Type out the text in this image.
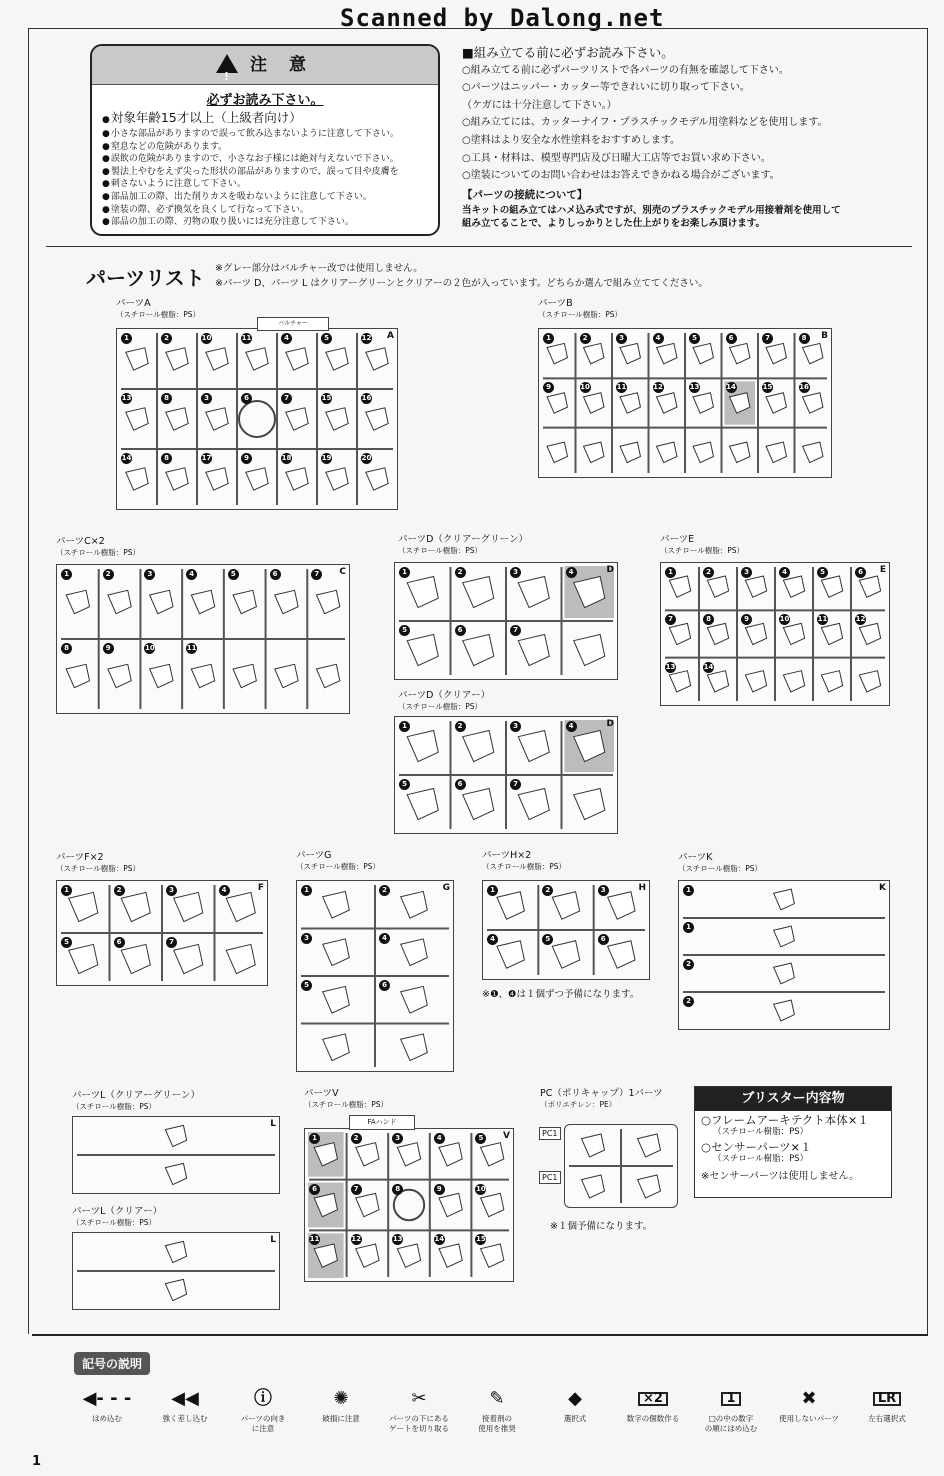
Scanned by Dalong.net
!注 意
必ずお読み下さい。
● 対象年齢15才以上（上級者向け）
● 小さな部品がありますので誤って飲み込まないように注意して下さい。
● 窒息などの危険があります。
● 誤飲の危険がありますので、小さなお子様には絶対与えないで下さい。
● 製法上やむをえず尖った形状の部品がありますので、誤って目や皮膚を
● 刺さないように注意して下さい。
● 部品加工の際、出た削りカスを吸わないように注意して下さい。
● 塗装の際、必ず換気を良くして行なって下さい。
● 部品の加工の際、刃物の取り扱いには充分注意して下さい。
■組み立てる前に必ずお読み下さい。
○組み立てる前に必ずパーツリストで各パーツの有無を確認して下さい。
○パーツはニッパー・カッター等できれいに切り取って下さい。
（ケガには十分注意して下さい。）
○組み立てには、カッターナイフ・プラスチックモデル用塗料などを使用します。
○塗料はより安全な水性塗料をおすすめします。
○工具・材料は、模型専門店及び日曜大工店等でお買い求め下さい。
○塗装についてのお問い合わせはお答えできかねる場合がございます。
【パーツの接続について】
当キットの組み立てはハメ込み式ですが、別売のプラスチックモデル用接着剤を使用して
組み立てることで、よりしっかりとした仕上がりをお楽しみ頂けます。
パーツリスト ※グレー部分はバルチャー改では使用しません。
※パーツ D、パーツ L はクリアーグリーンとクリアーの２色が入っています。どちらか選んで組み立ててください。
パーツA
（スチロール樹脂：PS）
パーツB
（スチロール樹脂：PS）
パーツC×2
（スチロール樹脂：PS）
パーツD（クリアーグリーン）
（スチロール樹脂：PS）
パーツE
（スチロール樹脂：PS）
パーツD（クリアー）
（スチロール樹脂：PS）
パーツF×2
（スチロール樹脂：PS）
パーツG
（スチロール樹脂：PS）
パーツH×2
（スチロール樹脂：PS）
パーツK
（スチロール樹脂：PS）
パーツL（クリアーグリーン）
（スチロール樹脂：PS）
パーツL（クリアー）
（スチロール樹脂：PS）
パーツV
（スチロール樹脂：PS）
PC（ポリキャップ）1パーツ
（ポリエチレン：PE）
A
バルチャー
1	2	10	11	4	5	12
13	8	3	6	7	15	16
14	8	17	9	18	19	20
B
1	2	3	4	5	6	7	8
9	10	11	12	13	14	15	16
C
1	2	3	4	5	6	7
8	9	10	11
D
1	2	3	4
5	6	7
E
1	2	3	4	5	6
7	8	9	10	11	12
13	14
D
1	2	3	4
5	6	7
F
1	2	3	4
5	6	7
G
1	2
3	4
5	6
H
1	2	3
4	5	6
K
1
1
2
2
L
L
V
FAハンド
1	2	3	4	5
6	7	8	9	10
11	12	13	14	15
PC1
PC1
※❶、❹は１個ずつ予備になります。
※１個予備になります。
ブリスター内容物
○フレームアーキテクト本体×１
（スチロール樹脂：PS）
○センサーパーツ×１
（スチロール樹脂：PS）
※センサーパーツは使用しません。
記号の説明
◀- - -
はめ込む
◀◀
強く差し込む
ⓘ
パーツの向き
に注意
✺
破損に注意
✂
パーツの下にある
ゲートを切り取る
✎
接着剤の
使用を推奨
◆
選択式
×2
数字の個数作る
1
□の中の数字
の順にはめ込む
✖
使用しないパーツ
LR
左右選択式
1
